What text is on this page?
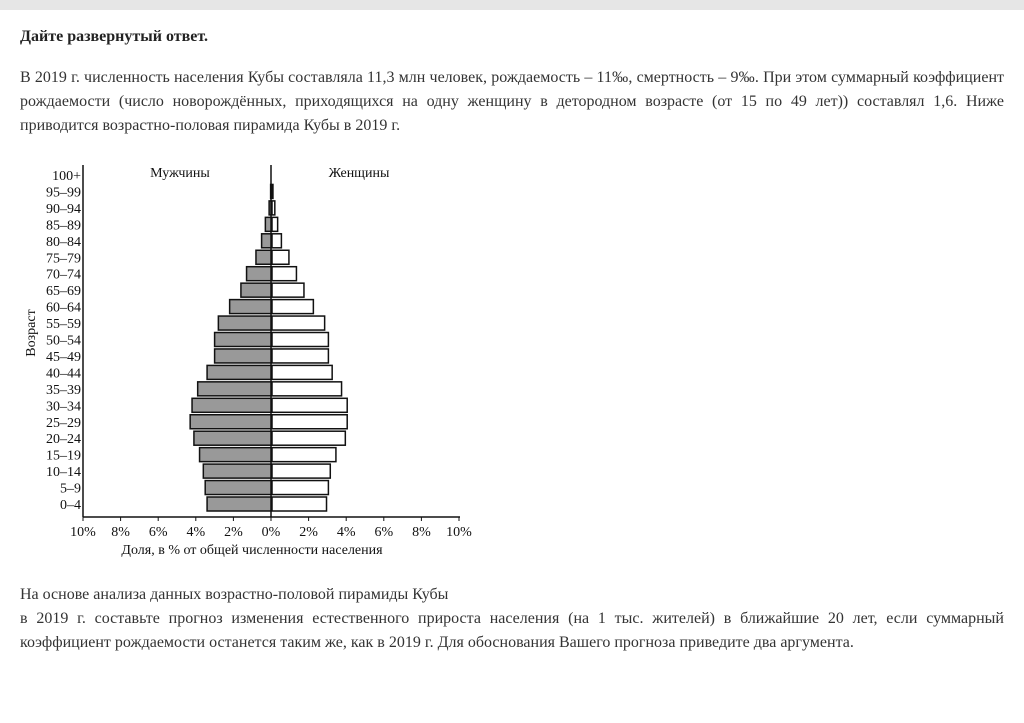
Дайте развернутый ответ.
В 2019 г. численность населения Кубы составляла 11,3 млн человек, рождаемость – 11‰, смертность – 9‰. При этом суммарный коэффициент рождаемости (число новорождённых, приходящихся на одну женщину в детородном возрасте (от 15 по 49 лет)) составлял 1,6. Ниже приводится возрастно-половая пирамида Кубы в 2019 г.
10% 8% 6% 4% 2% 0% 2% 4% 6% 8% 10%
Доля, в % от общей численности населения
Возраст
Мужчины	Женщины
0–4
5–9
10–14
15–19
20–24
25–29
30–34
35–39
40–44
45–49
50–54
55–59
60–64
65–69
70–74
75–79
80–84
85–89
90–94
95–99
100+
На основе анализа данных возрастно-половой пирамиды Кубы
в 2019 г. составьте прогноз изменения естественного прироста населения (на 1 тыс. жителей) в ближайшие 20 лет, если суммарный коэффициент рождаемости останется таким же, как в 2019 г. Для обоснования Вашего прогноза приведите два аргумента.
